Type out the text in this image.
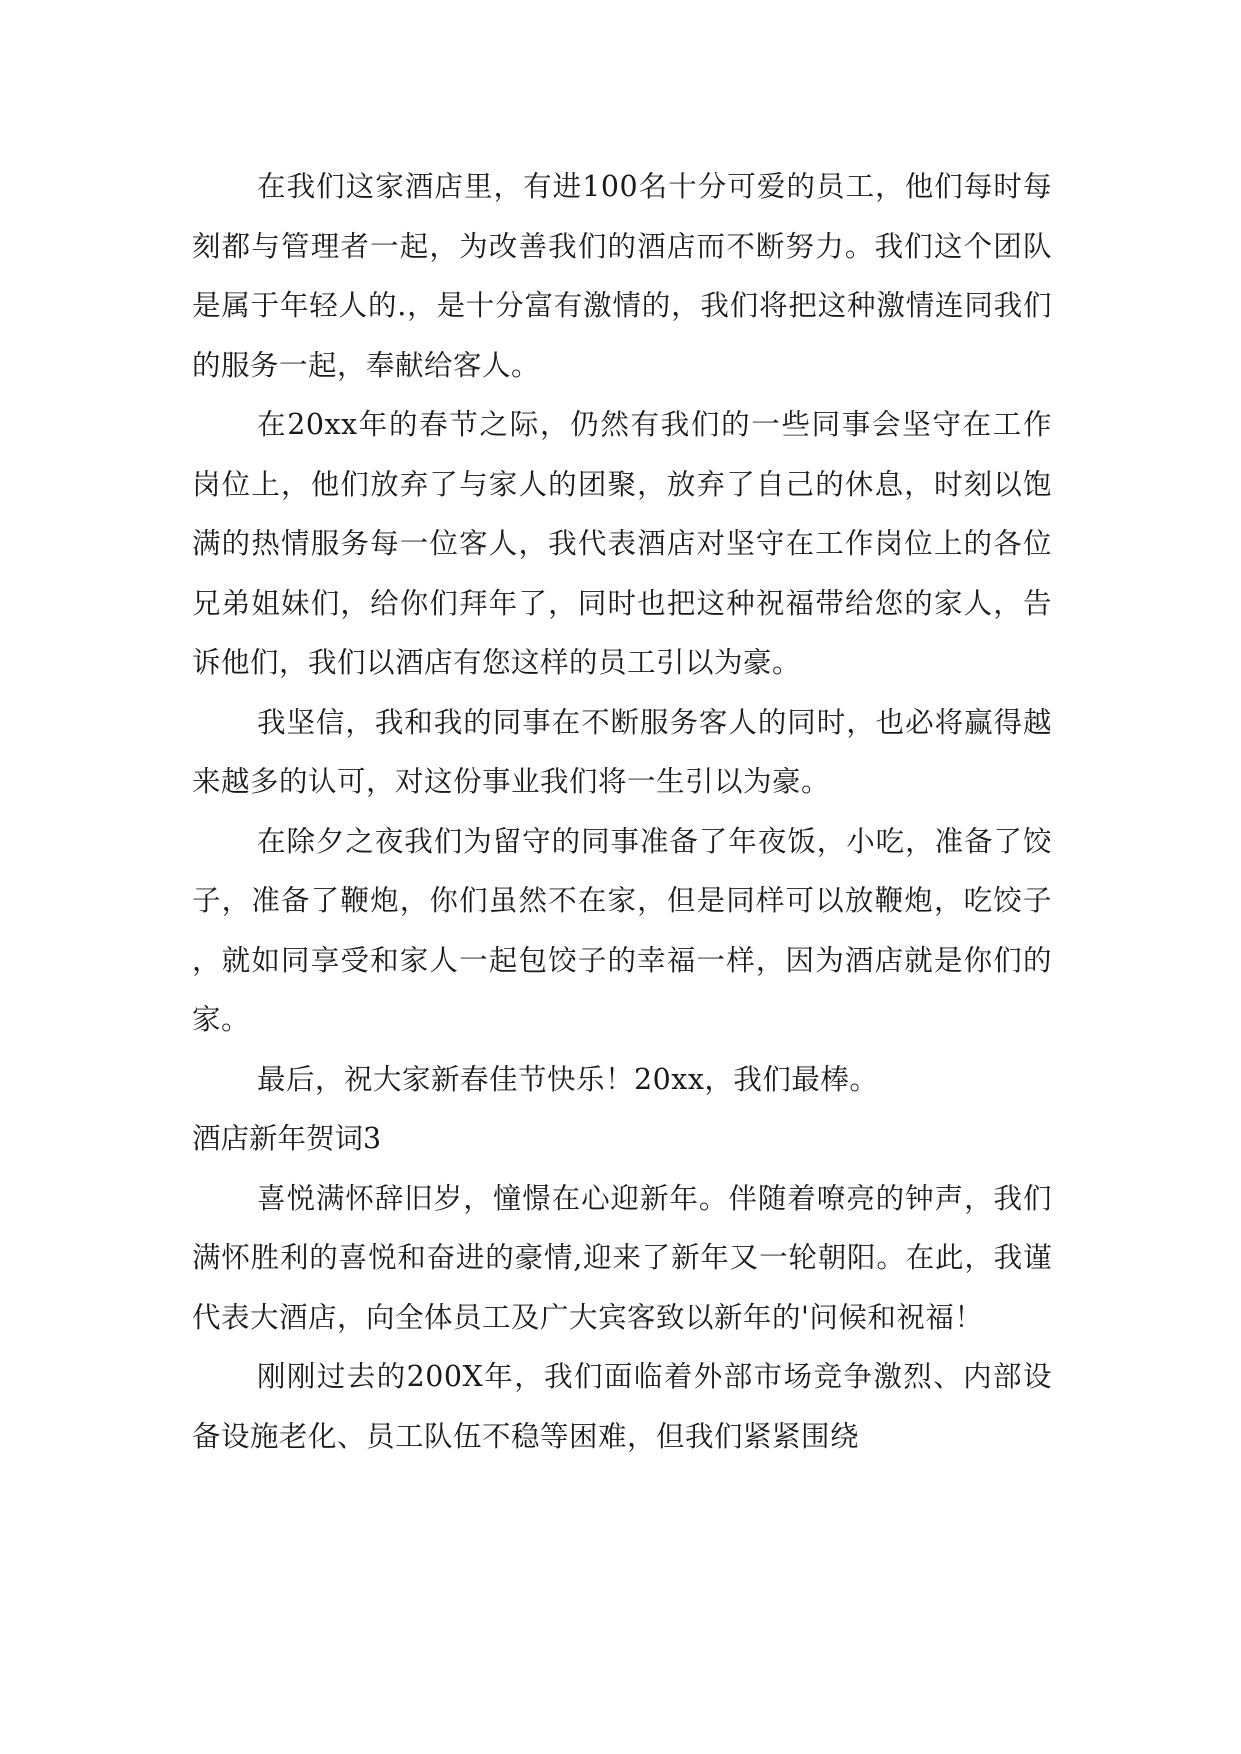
在我们这家酒店里，有进100名十分可爱的员工，他们每时每刻都与管理者一起，为改善我们的酒店而不断努力。我们这个团队是属于年轻人的.，是十分富有激情的，我们将把这种激情连同我们的服务一起，奉献给客人。

在20xx年的春节之际，仍然有我们的一些同事会坚守在工作岗位上，他们放弃了与家人的团聚，放弃了自己的休息，时刻以饱满的热情服务每一位客人，我代表酒店对坚守在工作岗位上的各位兄弟姐妹们，给你们拜年了，同时也把这种祝福带给您的家人，告诉他们，我们以酒店有您这样的员工引以为豪。

我坚信，我和我的同事在不断服务客人的同时，也必将赢得越来越多的认可，对这份事业我们将一生引以为豪。

在除夕之夜我们为留守的同事准备了年夜饭，小吃，准备了饺子，准备了鞭炮，你们虽然不在家，但是同样可以放鞭炮，吃饺子，就如同享受和家人一起包饺子的幸福一样，因为酒店就是你们的家。

最后，祝大家新春佳节快乐！20xx，我们最棒。

酒店新年贺词3

喜悦满怀辞旧岁，憧憬在心迎新年。伴随着嘹亮的钟声，我们满怀胜利的喜悦和奋进的豪情,迎来了新年又一轮朝阳。在此，我谨代表大酒店，向全体员工及广大宾客致以新年的'问候和祝福！

刚刚过去的200X年，我们面临着外部市场竞争激烈、内部设备设施老化、员工队伍不稳等困难，但我们紧紧围绕
